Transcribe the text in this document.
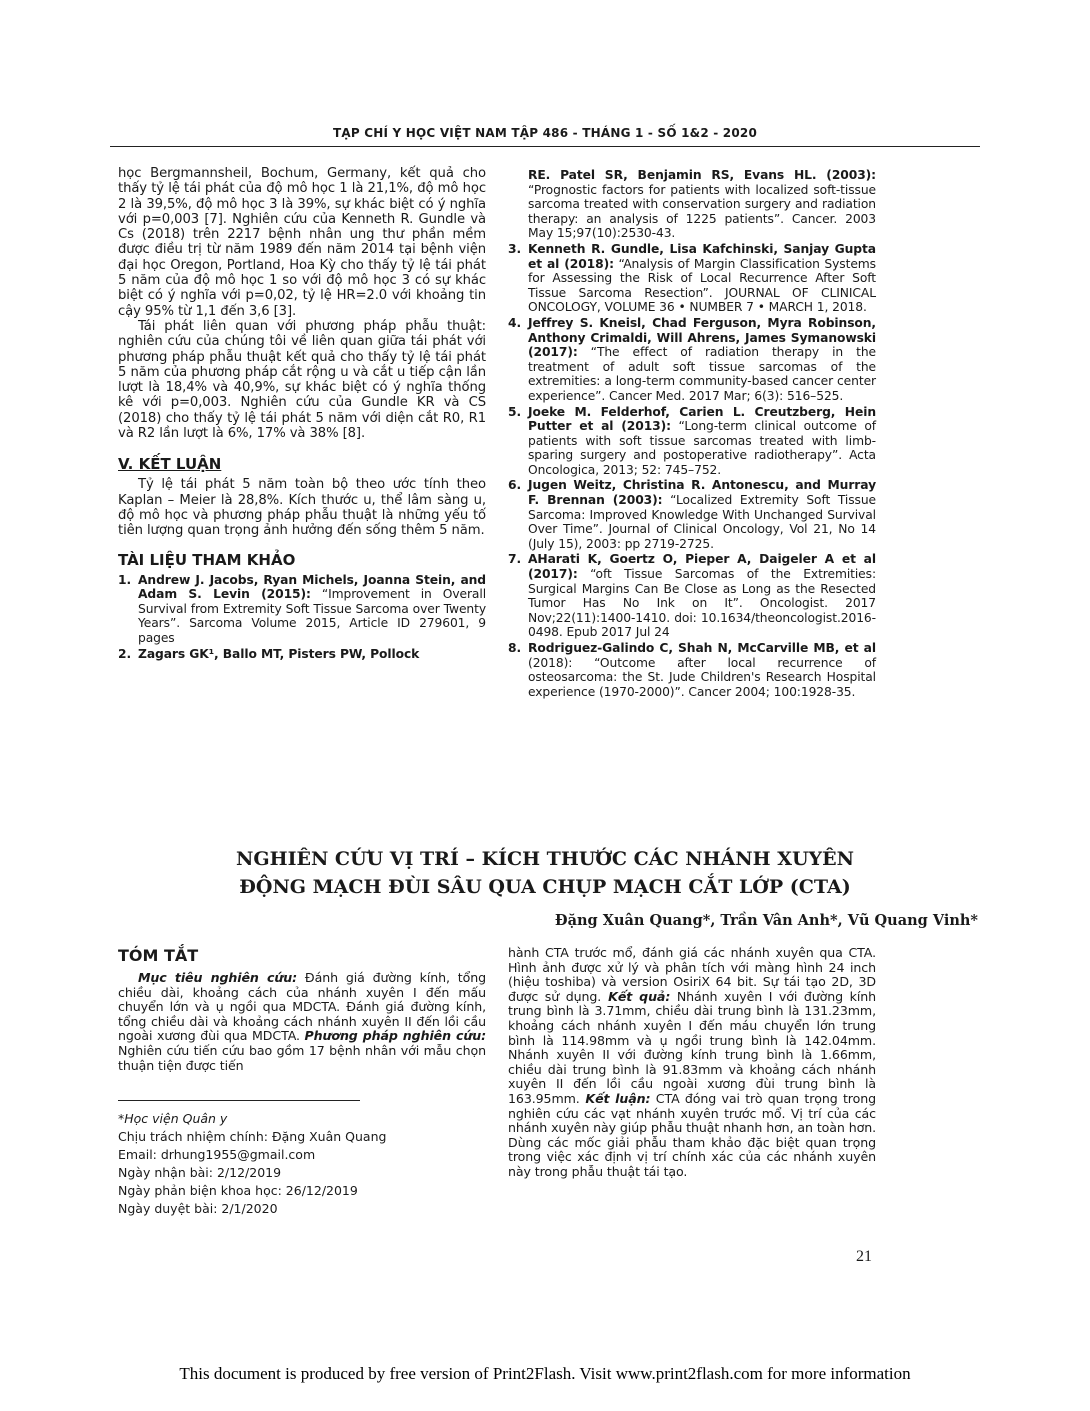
TẠP CHÍ Y HỌC VIỆT NAM TẬP 486 - THÁNG 1 - SỐ 1&2 - 2020

học Bergmannsheil, Bochum, Germany, kết quả cho thấy tỷ lệ tái phát của độ mô học 1 là 21,1%, độ mô học 2 là 39,5%, độ mô học 3 là 39%, sự khác biệt có ý nghĩa với p=0,003 [7]. Nghiên cứu của Kenneth R. Gundle và Cs (2018) trên 2217 bệnh nhân ung thư phần mềm được điều trị từ năm 1989 đến năm 2014 tại bệnh viện đại học Oregon, Portland, Hoa Kỳ cho thấy tỷ lệ tái phát 5 năm của độ mô học 1 so với độ mô học 3 có sự khác biệt có ý nghĩa với p=0,02, tỷ lệ HR=2.0 với khoảng tin cậy 95% từ 1,1 đến 3,6 [3].

Tái phát liên quan với phương pháp phẫu thuật: nghiên cứu của chúng tôi về liên quan giữa tái phát với phương pháp phẫu thuật kết quả cho thấy tỷ lệ tái phát 5 năm của phương pháp cắt rộng u và cắt u tiếp cận lần lượt là 18,4% và 40,9%, sự khác biệt có ý nghĩa thống kê với p=0,003. Nghiên cứu của Gundle KR và CS (2018) cho thấy tỷ lệ tái phát 5 năm với diện cắt R0, R1 và R2 lần lượt là 6%, 17% và 38% [8].

V. KẾT LUẬN

Tỷ lệ tái phát 5 năm toàn bộ theo ước tính theo Kaplan – Meier là 28,8%. Kích thước u, thể lâm sàng u, độ mô học và phương pháp phẫu thuật là những yếu tố tiên lượng quan trọng ảnh hưởng đến sống thêm 5 năm.

TÀI LIỆU THAM KHẢO

1. Andrew J. Jacobs, Ryan Michels, Joanna Stein, and Adam S. Levin (2015): “Improvement in Overall Survival from Extremity Soft Tissue Sarcoma over Twenty Years”. Sarcoma Volume 2015, Article ID 279601, 9 pages
2. Zagars GK¹, Ballo MT, Pisters PW, Pollock
RE. Patel SR, Benjamin RS, Evans HL. (2003): “Prognostic factors for patients with localized soft-tissue sarcoma treated with conservation surgery and radiation therapy: an analysis of 1225 patients”. Cancer. 2003 May 15;97(10):2530-43.
3. Kenneth R. Gundle, Lisa Kafchinski, Sanjay Gupta et al (2018): “Analysis of Margin Classification Systems for Assessing the Risk of Local Recurrence After Soft Tissue Sarcoma Resection”. JOURNAL OF CLINICAL ONCOLOGY, VOLUME 36 • NUMBER 7 • MARCH 1, 2018.
4. Jeffrey S. Kneisl, Chad Ferguson, Myra Robinson, Anthony Crimaldi, Will Ahrens, James Symanowski (2017): “The effect of radiation therapy in the treatment of adult soft tissue sarcomas of the extremities: a long-term community-based cancer center experience”. Cancer Med. 2017 Mar; 6(3): 516–525.
5. Joeke M. Felderhof, Carien L. Creutzberg, Hein Putter et al (2013): “Long-term clinical outcome of patients with soft tissue sarcomas treated with limb-sparing surgery and postoperative radiotherapy”. Acta Oncologica, 2013; 52: 745–752.
6. Jugen Weitz, Christina R. Antonescu, and Murray F. Brennan (2003): “Localized Extremity Soft Tissue Sarcoma: Improved Knowledge With Unchanged Survival Over Time”. Journal of Clinical Oncology, Vol 21, No 14 (July 15), 2003: pp 2719-2725.
7. AHarati K, Goertz O, Pieper A, Daigeler A et al (2017): “oft Tissue Sarcomas of the Extremities: Surgical Margins Can Be Close as Long as the Resected Tumor Has No Ink on It”. Oncologist. 2017 Nov;22(11):1400-1410. doi: 10.1634/theoncologist.2016-0498. Epub 2017 Jul 24
8. Rodriguez-Galindo C, Shah N, McCarville MB, et al (2018): “Outcome after local recurrence of osteosarcoma: the St. Jude Children's Research Hospital experience (1970-2000)”. Cancer 2004; 100:1928-35.
NGHIÊN CỨU VỊ TRÍ – KÍCH THƯỚC CÁC NHÁNH XUYÊN
ĐỘNG MẠCH ĐÙI SÂU QUA CHỤP MẠCH CẮT LỚP (CTA)
Đặng Xuân Quang*, Trần Vân Anh*, Vũ Quang Vinh*

TÓM TẮT

Mục tiêu nghiên cứu: Đánh giá đường kính, tổng chiều dài, khoảng cách của nhánh xuyên I đến mấu chuyển lớn và ụ ngồi qua MDCTA. Đánh giá đường kính, tổng chiều dài và khoảng cách nhánh xuyên II đến lồi cầu ngoài xương đùi qua MDCTA. Phương pháp nghiên cứu: Nghiên cứu tiến cứu bao gồm 17 bệnh nhân với mẫu chọn thuận tiện được tiến

hành CTA trước mổ, đánh giá các nhánh xuyên qua CTA. Hình ảnh được xử lý và phân tích với màng hình 24 inch (hiệu toshiba) và version OsiriX 64 bit. Sự tái tạo 2D, 3D được sử dụng. Kết quả: Nhánh xuyên I với đường kính trung bình là 3.71mm, chiều dài trung bình là 131.23mm, khoảng cách nhánh xuyên I đến máu chuyển lớn trung bình là 114.98mm và ụ ngồi trung bình là 142.04mm. Nhánh xuyên II với đường kính trung bình là 1.66mm, chiều dài trung bình là 91.83mm và khoảng cách nhánh xuyên II đến lồi cầu ngoài xương đùi trung bình là 163.95mm. Kết luận: CTA đóng vai trò quan trọng trong nghiên cứu các vạt nhánh xuyên trước mổ. Vị trí của các nhánh xuyên này giúp phẫu thuật nhanh hơn, an toàn hơn. Dùng các mốc giải phẫu tham khảo đặc biệt quan trọng trong việc xác định vị trí chính xác của các nhánh xuyên này trong phẫu thuật tái tạo.

*Học viện Quân y
Chịu trách nhiệm chính: Đặng Xuân Quang
Email: drhung1955@gmail.com
Ngày nhận bài: 2/12/2019
Ngày phản biện khoa học: 26/12/2019
Ngày duyệt bài: 2/1/2020
21
This document is produced by free version of Print2Flash. Visit www.print2flash.com for more information
